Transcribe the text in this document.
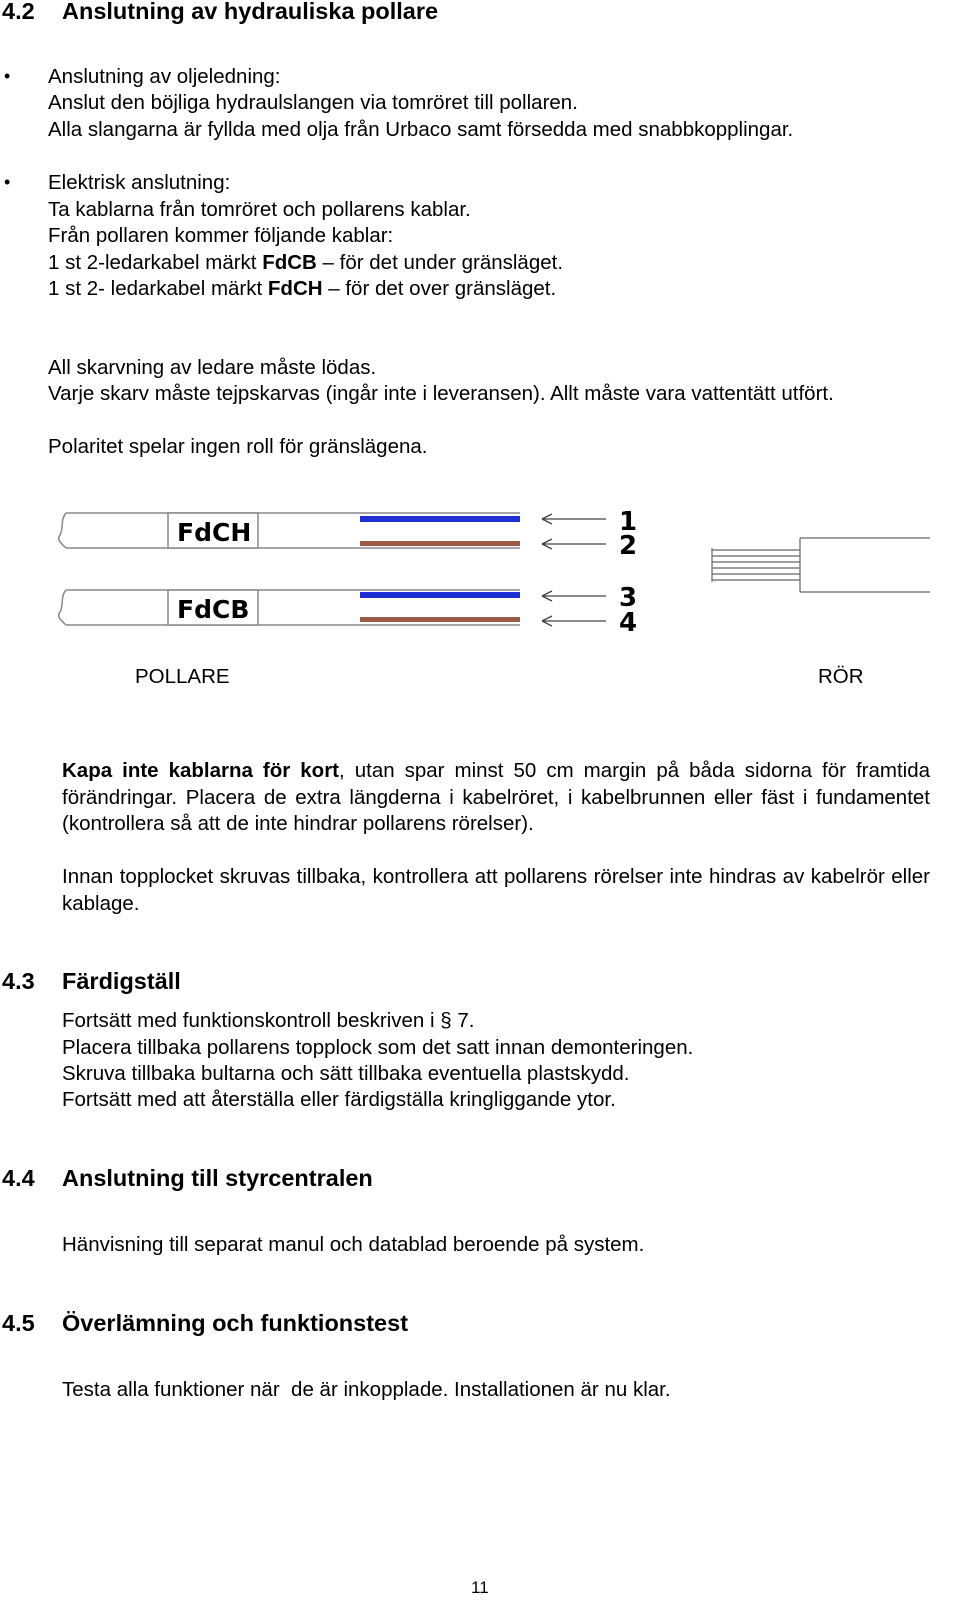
4.2 Anslutning av hydrauliska pollare
• Anslutning av oljeledning:
Anslut den böjliga hydraulslangen via tomröret till pollaren.
Alla slangarna är fyllda med olja från Urbaco samt försedda med snabbkopplingar.
• Elektrisk anslutning:
Ta kablarna från tomröret och pollarens kablar.
Från pollaren kommer följande kablar:
1 st 2-ledarkabel märkt FdCB – för det under gränsläget.
1 st 2- ledarkabel märkt FdCH – för det over gränsläget.
All skarvning av ledare måste lödas.
Varje skarv måste tejpskarvas (ingår inte i leveransen). Allt måste vara vattentätt utfört.
Polaritet spelar ingen roll för gränslägena.
FdCH
FdCB
1
2
3
4
POLLARE	RÖR
Kapa inte kablarna för kort, utan spar minst 50 cm margin på båda sidorna för framtida förändringar. Placera de extra längderna i kabelröret, i kabelbrunnen eller fäst i fundamentet (kontrollera så att de inte hindrar pollarens rörelser).
Innan topplocket skruvas tillbaka, kontrollera att pollarens rörelser inte hindras av kabelrör eller kablage.
4.3 Färdigställ
Fortsätt med funktionskontroll beskriven i § 7.
Placera tillbaka pollarens topplock som det satt innan demonteringen.
Skruva tillbaka bultarna och sätt tillbaka eventuella plastskydd.
Fortsätt med att återställa eller färdigställa kringliggande ytor.
4.4 Anslutning till styrcentralen
Hänvisning till separat manul och datablad beroende på system.
4.5 Överlämning och funktionstest
Testa alla funktioner när  de är inkopplade. Installationen är nu klar.
11
